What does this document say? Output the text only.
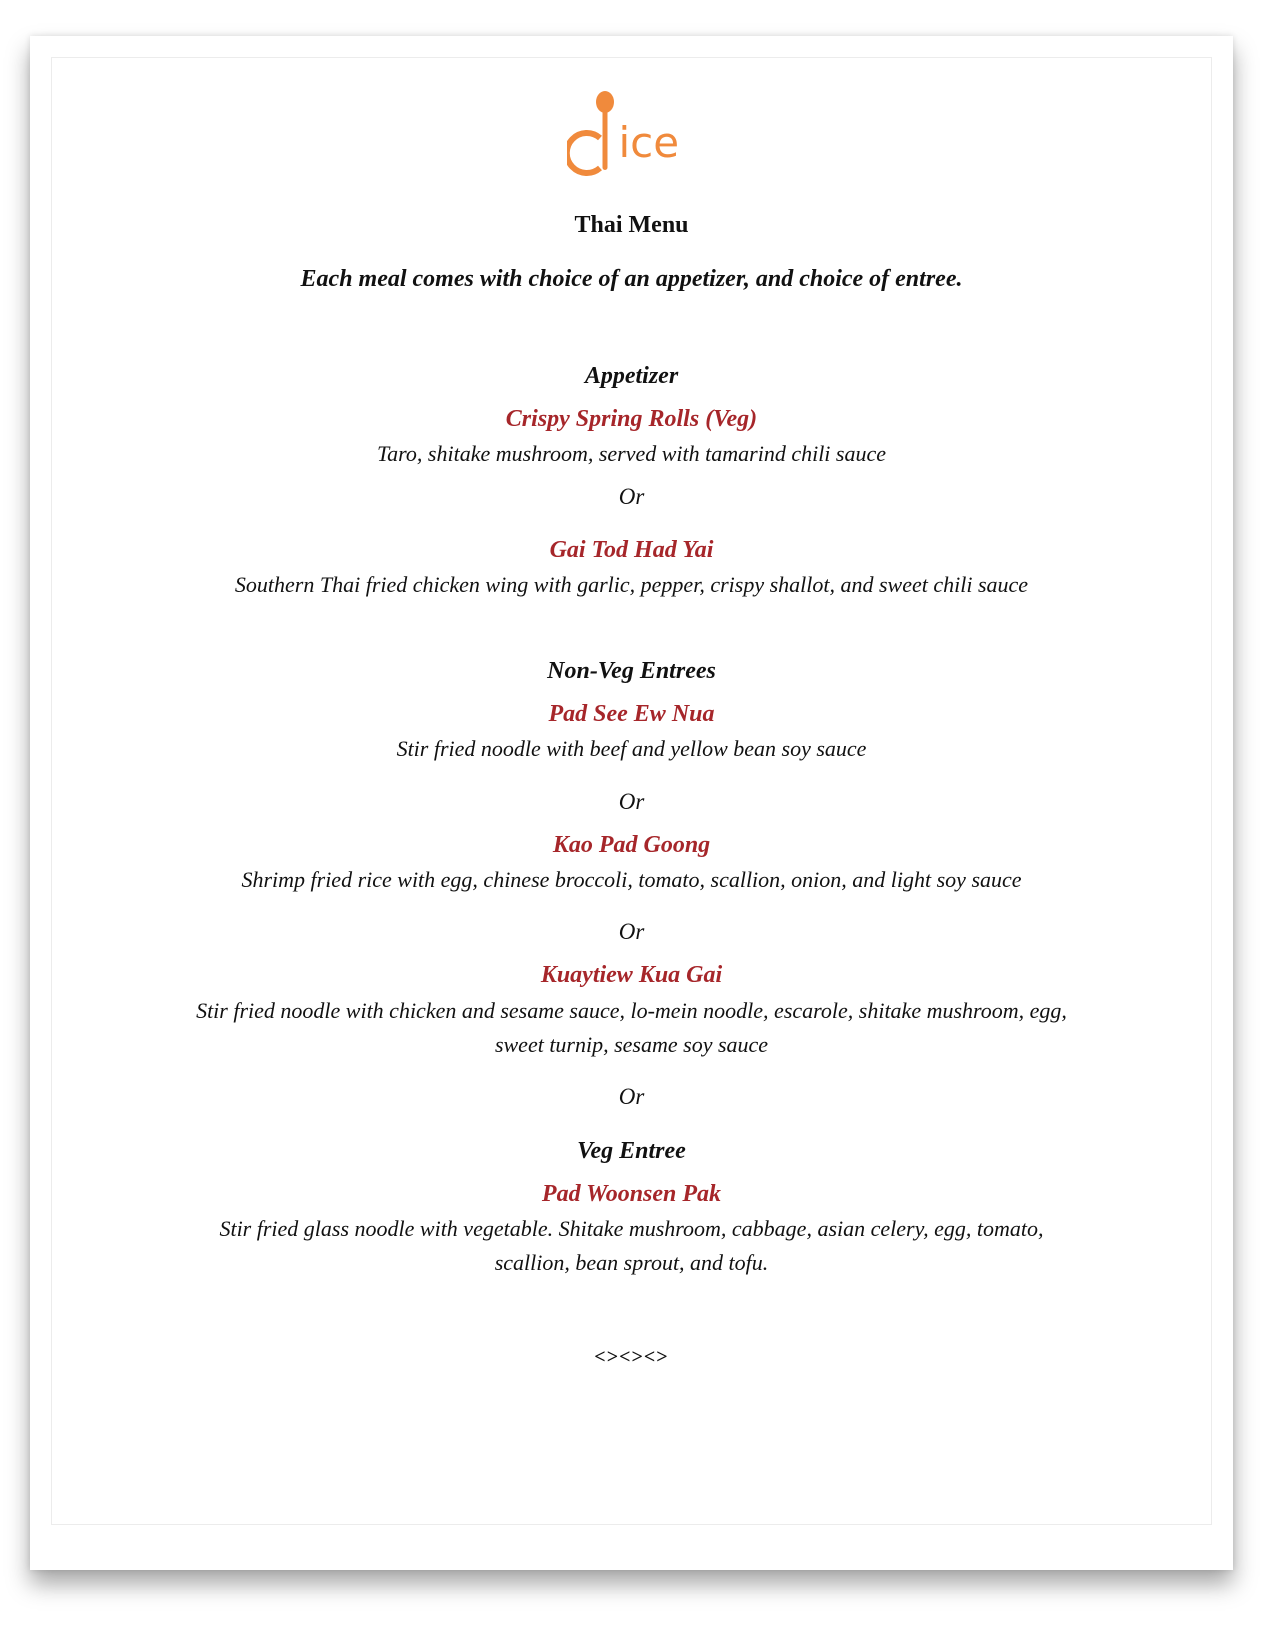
ice
Thai Menu
Each meal comes with choice of an appetizer, and choice of entree.
Appetizer
Crispy Spring Rolls (Veg)
Taro, shitake mushroom, served with tamarind chili sauce
Or
Gai Tod Had Yai
Southern Thai fried chicken wing with garlic, pepper, crispy shallot, and sweet chili sauce
Non-Veg Entrees
Pad See Ew Nua
Stir fried noodle with beef and yellow bean soy sauce
Or
Kao Pad Goong
Shrimp fried rice with egg, chinese broccoli, tomato, scallion, onion, and light soy sauce
Or
Kuaytiew Kua Gai
Stir fried noodle with chicken and sesame sauce, lo-mein noodle, escarole, shitake mushroom, egg,
sweet turnip, sesame soy sauce
Or
Veg Entree
Pad Woonsen Pak
Stir fried glass noodle with vegetable. Shitake mushroom, cabbage, asian celery, egg, tomato,
scallion, bean sprout, and tofu.
<><><>
